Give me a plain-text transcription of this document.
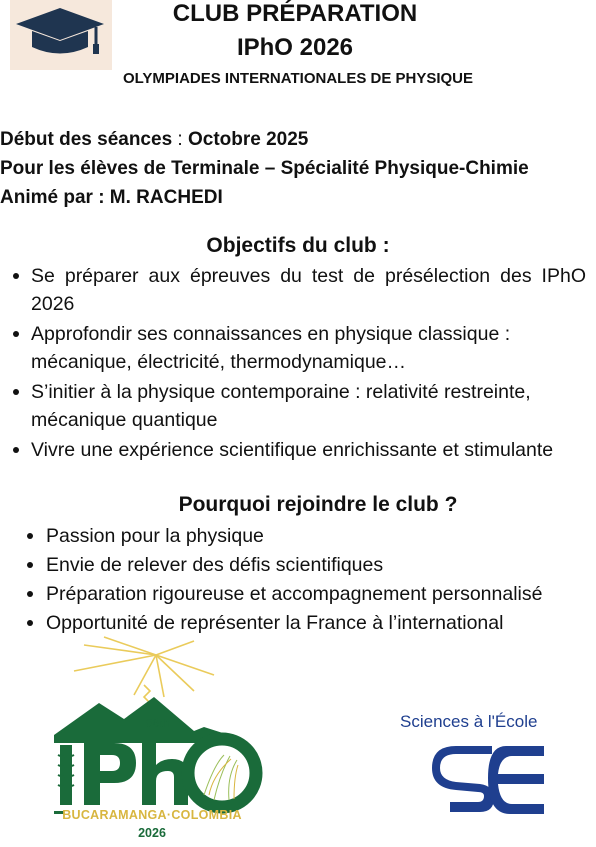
CLUB PRÉPARATION
IPhO 2026
OLYMPIADES INTERNATIONALES DE PHYSIQUE
Début des séances : Octobre 2025
Pour les élèves de Terminale – Spécialité Physique-Chimie
Animé par : M. RACHEDI
Objectifs du club :
Se préparer aux épreuves du test de présélection des IPhO 2026
Approfondir ses connaissances en physique classique : mécanique, électricité, thermodynamique…
S’initier à la physique contemporaine : relativité restreinte, mécanique quantique
Vivre une expérience scientifique enrichissante et stimulante
Pourquoi rejoindre le club ?
Passion pour la physique
Envie de relever des défis scientifiques
Préparation rigoureuse et accompagnement personnalisé
Opportunité de représenter la France à l’international
56th
BUCARAMANGA·COLOMBIA
2026
Sciences à l'École
